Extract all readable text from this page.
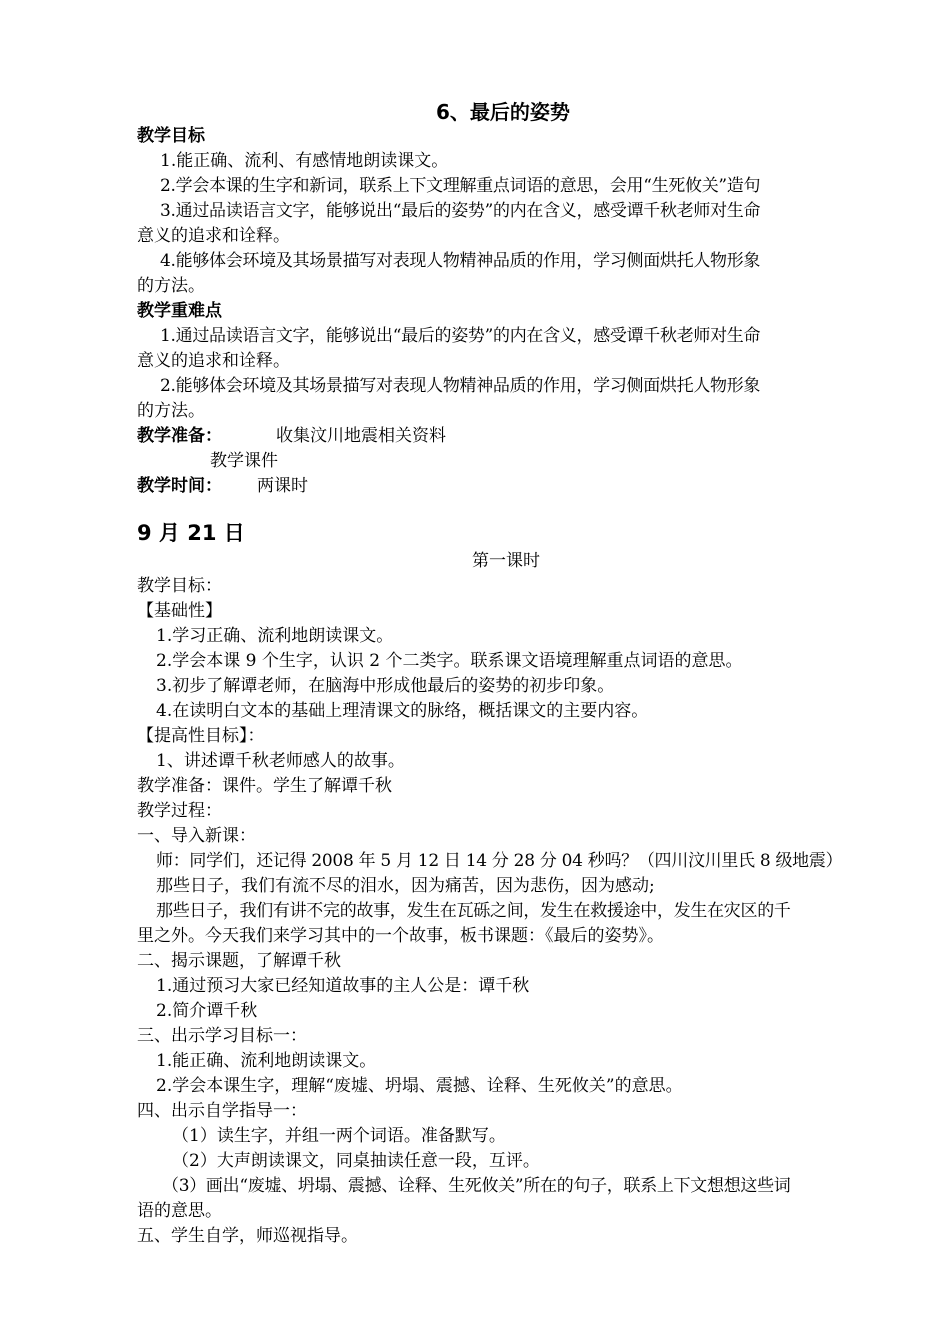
6、最后的姿势
教学目标
1.能正确、流利、有感情地朗读课文。
2.学会本课的生字和新词，联系上下文理解重点词语的意思，会用“生死攸关”造句
3.通过品读语言文字，能够说出“最后的姿势”的内在含义，感受谭千秋老师对生命
意义的追求和诠释。
4.能够体会环境及其场景描写对表现人物精神品质的作用，学习侧面烘托人物形象
的方法。
教学重难点
1.通过品读语言文字，能够说出“最后的姿势”的内在含义，感受谭千秋老师对生命
意义的追求和诠释。
2.能够体会环境及其场景描写对表现人物精神品质的作用，学习侧面烘托人物形象
的方法。
教学准备：	收集汶川地震相关资料
教学课件
教学时间： 两课时
9 月 21 日
第一课时
教学目标：
【基础性】
1.学习正确、流利地朗读课文。
2.学会本课 9 个生字，认识 2 个二类字。联系课文语境理解重点词语的意思。
3.初步了解谭老师，在脑海中形成他最后的姿势的初步印象。
4.在读明白文本的基础上理清课文的脉络，概括课文的主要内容。
【提高性目标】：
1、讲述谭千秋老师感人的故事。
教学准备：课件。学生了解谭千秋
教学过程：
一、导入新课：
师：同学们，还记得 2008 年 5 月 12 日 14 分 28 分 04 秒吗？（四川汶川里氏 8 级地震）
那些日子，我们有流不尽的泪水，因为痛苦，因为悲伤，因为感动;
那些日子，我们有讲不完的故事，发生在瓦砾之间，发生在救援途中，发生在灾区的千
里之外。今天我们来学习其中的一个故事，板书课题：《最后的姿势》。
二、揭示课题，了解谭千秋
1.通过预习大家已经知道故事的主人公是：谭千秋
2.简介谭千秋
三、出示学习目标一：
1.能正确、流利地朗读课文。
2.学会本课生字，理解“废墟、坍塌、震撼、诠释、生死攸关”的意思。
四、出示自学指导一：
（1）读生字，并组一两个词语。准备默写。
（2）大声朗读课文，同桌抽读任意一段，互评。
（3）画出“废墟、坍塌、震撼、诠释、生死攸关”所在的句子，联系上下文想想这些词
语的意思。
五、学生自学，师巡视指导。
